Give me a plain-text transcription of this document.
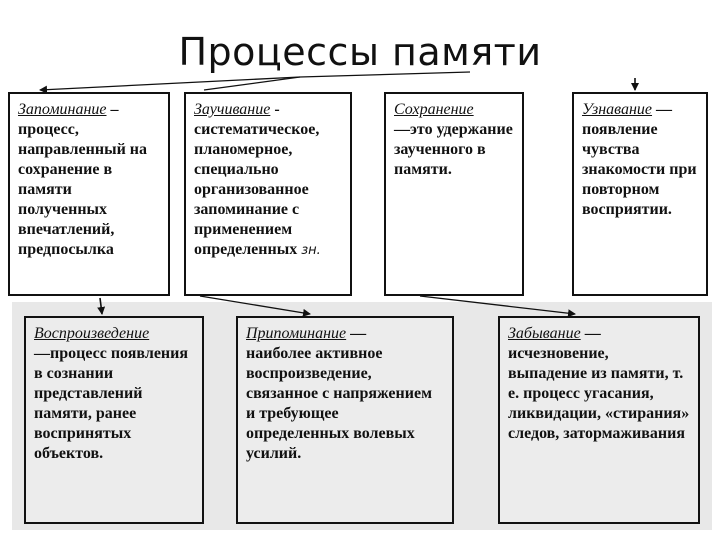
Процессы памяти
Запоминание –
процесс, направленный на сохранение в памяти полученных впечатлений, предпосылка
Заучивание -
систематическое, планомерное, специально организованное запоминание с применением определенных зн.
Сохранение
—это удержание заученного в памяти.
Узнавание —
появление чувства знакомости при повторном восприятии.
Воспроизведение
—процесс появления в сознании представлений памяти, ранее воспринятых объектов.
Припоминание —
наиболее активное воспроизведение, связанное с напряжением и требующее определенных волевых усилий.
Забывание —
исчезновение, выпадение из памяти, т. е. процесс угасания, ликвидации, «стирания» следов, затормаживания
